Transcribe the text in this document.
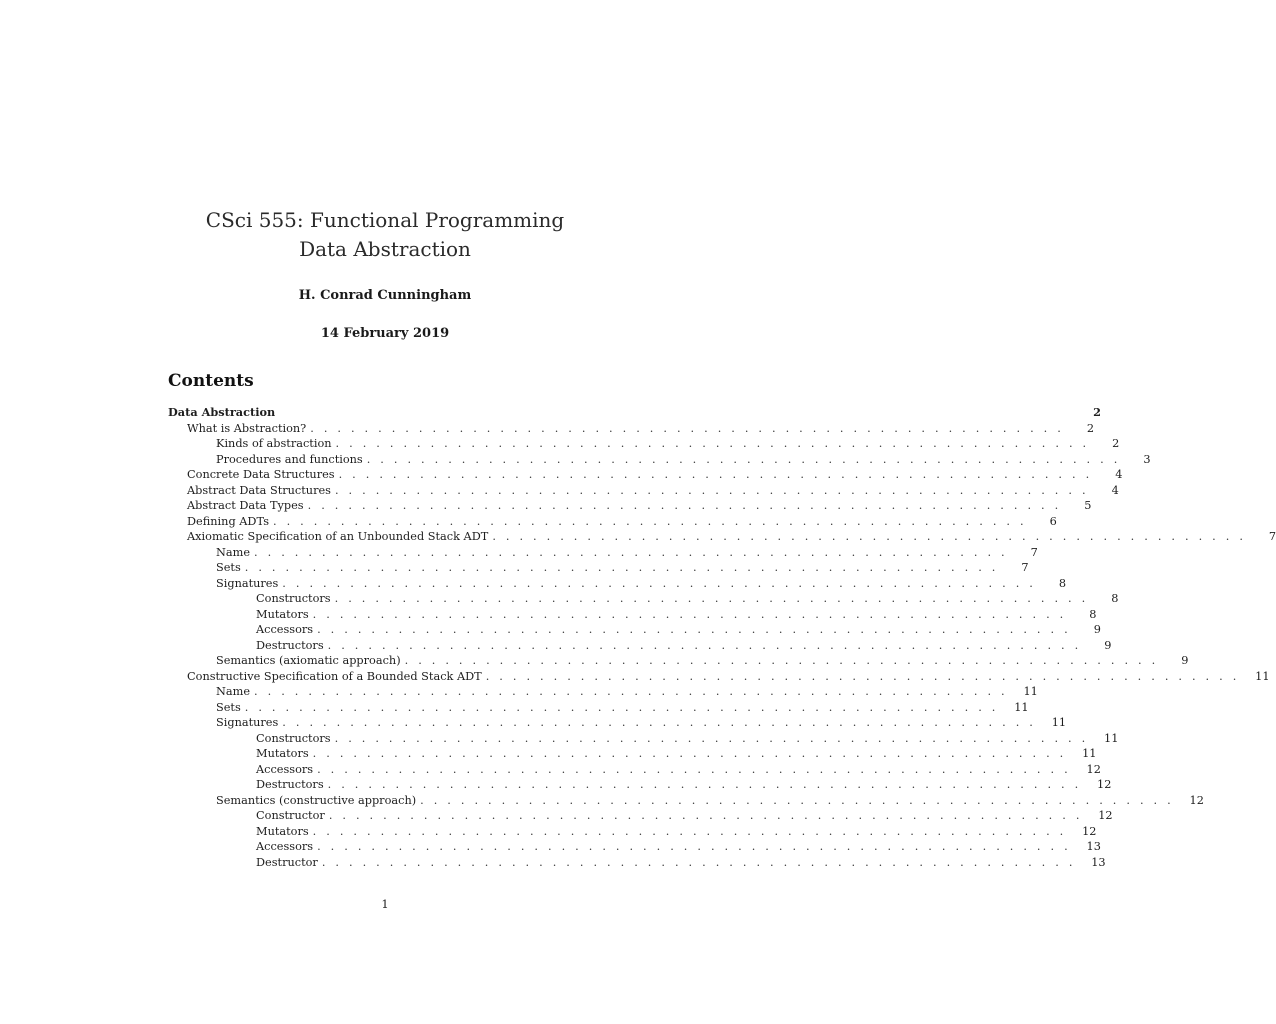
CSci 555: Functional Programming
Data Abstraction
H. Conrad Cunningham
14 February 2019
Contents
Data Abstraction	2
What is Abstraction? . . . . . . . . . . . . . . . . . . . . . . . . . . . . . . . . . . . . . . . . . . . . . . . . . . . . . . . .	2
Kinds of abstraction . . . . . . . . . . . . . . . . . . . . . . . . . . . . . . . . . . . . . . . . . . . . . . . . . . . . . . . .	2
Procedures and functions . . . . . . . . . . . . . . . . . . . . . . . . . . . . . . . . . . . . . . . . . . . . . . . . . . . . . . . .	3
Concrete Data Structures . . . . . . . . . . . . . . . . . . . . . . . . . . . . . . . . . . . . . . . . . . . . . . . . . . . . . . . .	4
Abstract Data Structures . . . . . . . . . . . . . . . . . . . . . . . . . . . . . . . . . . . . . . . . . . . . . . . . . . . . . . . .	4
Abstract Data Types . . . . . . . . . . . . . . . . . . . . . . . . . . . . . . . . . . . . . . . . . . . . . . . . . . . . . . . .	5
Defining ADTs . . . . . . . . . . . . . . . . . . . . . . . . . . . . . . . . . . . . . . . . . . . . . . . . . . . . . . . .	6
Axiomatic Specification of an Unbounded Stack ADT . . . . . . . . . . . . . . . . . . . . . . . . . . . . . . . . . . . . . . . . . . . . . . . . . . . . . . . .	7
Name . . . . . . . . . . . . . . . . . . . . . . . . . . . . . . . . . . . . . . . . . . . . . . . . . . . . . . . .	7
Sets . . . . . . . . . . . . . . . . . . . . . . . . . . . . . . . . . . . . . . . . . . . . . . . . . . . . . . . .	7
Signatures . . . . . . . . . . . . . . . . . . . . . . . . . . . . . . . . . . . . . . . . . . . . . . . . . . . . . . . .	8
Constructors . . . . . . . . . . . . . . . . . . . . . . . . . . . . . . . . . . . . . . . . . . . . . . . . . . . . . . . .	8
Mutators . . . . . . . . . . . . . . . . . . . . . . . . . . . . . . . . . . . . . . . . . . . . . . . . . . . . . . . .	8
Accessors . . . . . . . . . . . . . . . . . . . . . . . . . . . . . . . . . . . . . . . . . . . . . . . . . . . . . . . .	9
Destructors . . . . . . . . . . . . . . . . . . . . . . . . . . . . . . . . . . . . . . . . . . . . . . . . . . . . . . . .	9
Semantics (axiomatic approach) . . . . . . . . . . . . . . . . . . . . . . . . . . . . . . . . . . . . . . . . . . . . . . . . . . . . . . . .	9
Constructive Specification of a Bounded Stack ADT . . . . . . . . . . . . . . . . . . . . . . . . . . . . . . . . . . . . . . . . . . . . . . . . . . . . . . . .	11
Name . . . . . . . . . . . . . . . . . . . . . . . . . . . . . . . . . . . . . . . . . . . . . . . . . . . . . . . .	11
Sets . . . . . . . . . . . . . . . . . . . . . . . . . . . . . . . . . . . . . . . . . . . . . . . . . . . . . . . .	11
Signatures . . . . . . . . . . . . . . . . . . . . . . . . . . . . . . . . . . . . . . . . . . . . . . . . . . . . . . . .	11
Constructors . . . . . . . . . . . . . . . . . . . . . . . . . . . . . . . . . . . . . . . . . . . . . . . . . . . . . . . .	11
Mutators . . . . . . . . . . . . . . . . . . . . . . . . . . . . . . . . . . . . . . . . . . . . . . . . . . . . . . . .	11
Accessors . . . . . . . . . . . . . . . . . . . . . . . . . . . . . . . . . . . . . . . . . . . . . . . . . . . . . . . .	12
Destructors . . . . . . . . . . . . . . . . . . . . . . . . . . . . . . . . . . . . . . . . . . . . . . . . . . . . . . . .	12
Semantics (constructive approach) . . . . . . . . . . . . . . . . . . . . . . . . . . . . . . . . . . . . . . . . . . . . . . . . . . . . . . . .	12
Constructor . . . . . . . . . . . . . . . . . . . . . . . . . . . . . . . . . . . . . . . . . . . . . . . . . . . . . . . .	12
Mutators . . . . . . . . . . . . . . . . . . . . . . . . . . . . . . . . . . . . . . . . . . . . . . . . . . . . . . . .	12
Accessors . . . . . . . . . . . . . . . . . . . . . . . . . . . . . . . . . . . . . . . . . . . . . . . . . . . . . . . .	13
Destructor . . . . . . . . . . . . . . . . . . . . . . . . . . . . . . . . . . . . . . . . . . . . . . . . . . . . . . . .	13
1
